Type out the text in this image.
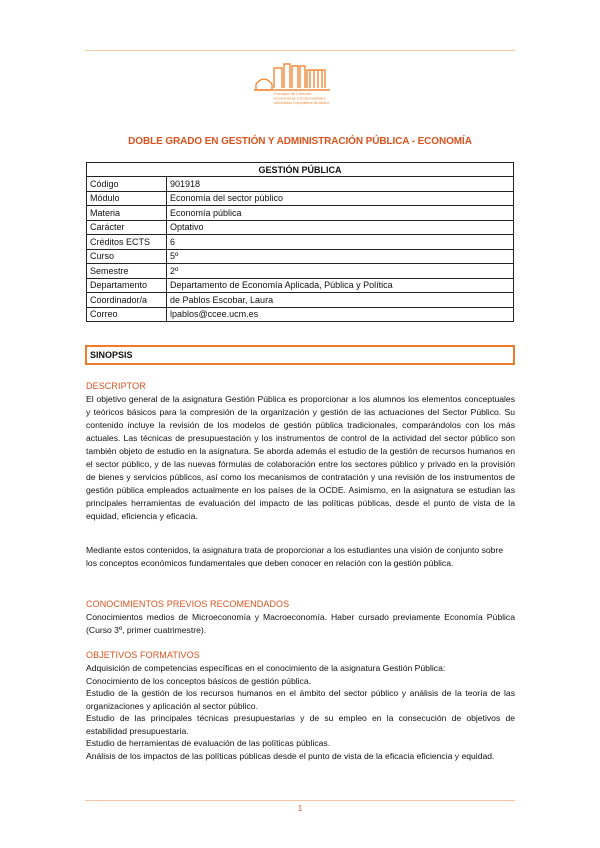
Facultad de Ciencias
Económicas y Empresariales
Universidad Complutense de Madrid
DOBLE GRADO EN GESTIÓN Y ADMINISTRACIÓN PÚBLICA - ECONOMÍA
GESTIÓN PÚBLICA	
Código	901918
Módulo	Economía del sector público
Materia	Economía pública
Carácter	Optativo
Créditos ECTS	6
Curso	5º
Semestre	2º
Departamento	Departamento de Economía Aplicada, Pública y Política
Coordinador/a	de Pablos Escobar, Laura
Correo	lpablos@ccee.ucm.es
SINOPSIS
DESCRIPTOR
El objetivo general de la asignatura Gestión Pública es proporcionar a los alumnos los elementos conceptuales y teóricos básicos para la compresión de la organización y gestión de las actuaciones del Sector Público. Su contenido incluye la revisión de los modelos de gestión pública tradicionales, comparándolos con los más actuales. Las técnicas de presupuestación y los instrumentos de control de la actividad del sector público son también objeto de estudio en la asignatura. Se aborda además el estudio de la gestión de recursos humanos en el sector público, y de las nuevas fórmulas de colaboración entre los sectores público y privado en la provisión de bienes y servicios públicos, así como los mecanismos de contratación y una revisión de los instrumentos de gestión pública empleados actualmente en los países de la OCDE. Asimismo, en la asignatura se estudian las principales herramientas de evaluación del impacto de las políticas públicas, desde el punto de vista de la equidad, eficiencia y eficacia.
Mediante estos contenidos, la asignatura trata de proporcionar a los estudiantes una visión de conjunto sobre los conceptos económicos fundamentales que deben conocer en relación con la gestión pública.
CONOCIMIENTOS PREVIOS RECOMENDADOS
Conocimientos medios de Microeconomía y Macroeconomía. Haber cursado previamente Economía Pública (Curso 3º, primer cuatrimestre).
OBJETIVOS FORMATIVOS
Adquisición de competencias específicas en el conocimiento de la asignatura Gestión Pública:
Conocimiento de los conceptos básicos de gestión pública.
Estudio de la gestión de los recursos humanos en el ámbito del sector público y análisis de la teoría de las organizaciones y aplicación al sector público.
Estudio de las principales técnicas presupuestarias y de su empleo en la consecución de objetivos de estabilidad presupuestaria.
Estudio de herramientas de evaluación de las políticas públicas.
Análisis de los impactos de las políticas públicas desde el punto de vista de la eficacia eficiencia y equidad.
1
